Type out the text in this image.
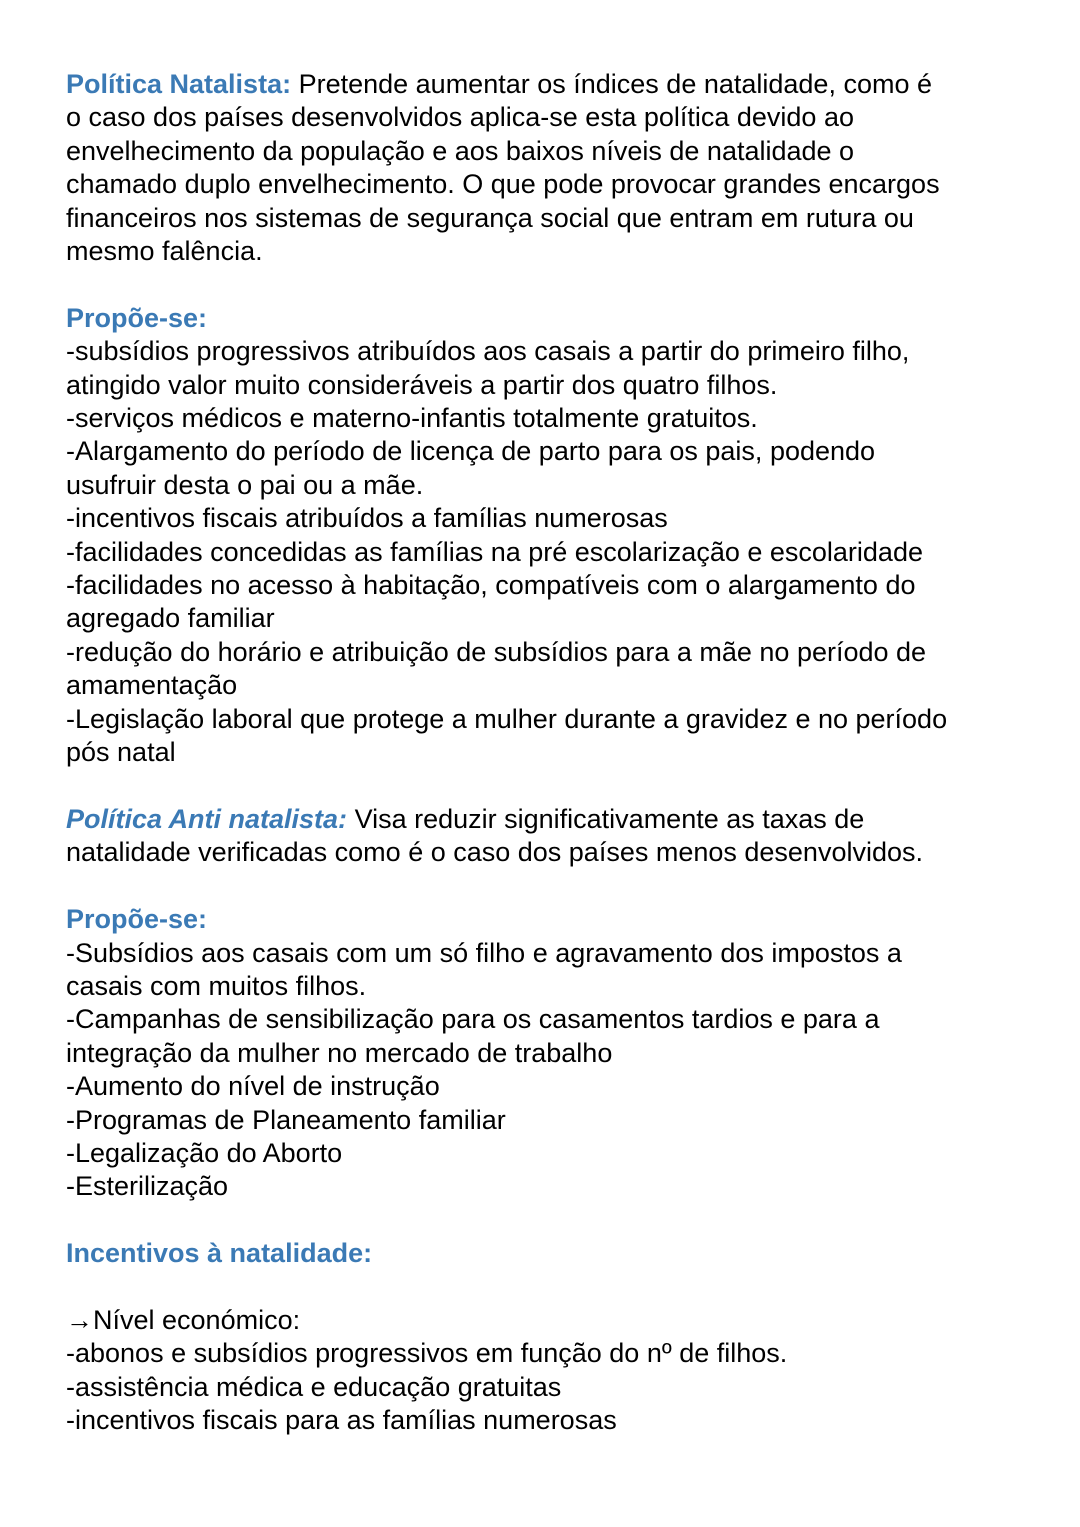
Política Natalista: Pretende aumentar os índices de natalidade, como é
o caso dos países desenvolvidos aplica-se esta política devido ao
envelhecimento da população e aos baixos níveis de natalidade o
chamado duplo envelhecimento. O que pode provocar grandes encargos
financeiros nos sistemas de segurança social que entram em rutura ou
mesmo falência.
Propõe-se:
-subsídios progressivos atribuídos aos casais a partir do primeiro filho,
atingido valor muito consideráveis a partir dos quatro filhos.
-serviços médicos e materno-infantis totalmente gratuitos.
-Alargamento do período de licença de parto para os pais, podendo
usufruir desta o pai ou a mãe.
-incentivos fiscais atribuídos a famílias numerosas
-facilidades concedidas as famílias na pré escolarização e escolaridade
-facilidades no acesso à habitação, compatíveis com o alargamento do
agregado familiar
-redução do horário e atribuição de subsídios para a mãe no período de
amamentação
-Legislação laboral que protege a mulher durante a gravidez e no período
pós natal
Política Anti natalista: Visa reduzir significativamente as taxas de
natalidade verificadas como é o caso dos países menos desenvolvidos.
Propõe-se:
-Subsídios aos casais com um só filho e agravamento dos impostos a
casais com muitos filhos.
-Campanhas de sensibilização para os casamentos tardios e para a
integração da mulher no mercado de trabalho
-Aumento do nível de instrução
-Programas de Planeamento familiar
-Legalização do Aborto
-Esterilização
Incentivos à natalidade:
→Nível económico:
-abonos e subsídios progressivos em função do nº de filhos.
-assistência médica e educação gratuitas
-incentivos fiscais para as famílias numerosas
